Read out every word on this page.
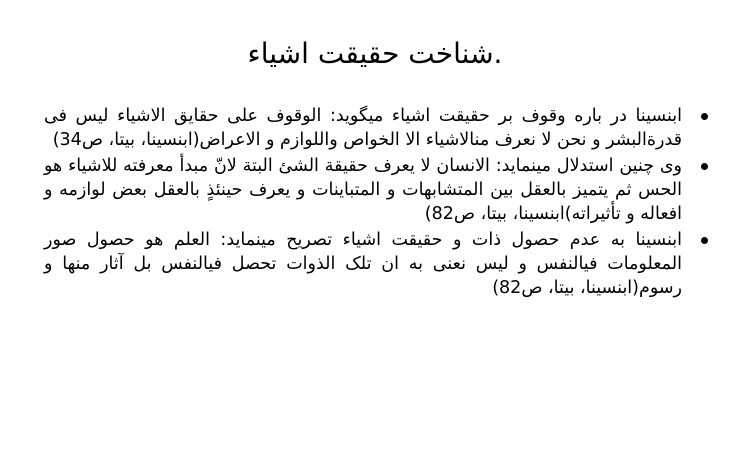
.شناخت حقیقت اشیاء
ابنسینا در باره وقوف بر حقیقت اشیاء میگوید: الوقوف علی حقایق الاشیاء لیس فی قدرةالبشر و نحن لا نعرف منالاشیاء الا الخواص واللوازم و الاعراض(ابنسینا، بیتا، ص34)
وی چنین استدلال مینماید: الانسان لا یعرف حقیقة الشئ البتة لانّ مبدأ معرفته للاشیاء هو الحس ثم یتمیز بالعقل بین المتشابهات و المتباینات و یعرف حینئذٍ بالعقل بعض لوازمه و افعاله و تأثیراته)ابنسینا، بیتا، ص82)
ابنسینا به عدم حصول ذات و حقیقت اشیاء تصریح مینماید: العلم هو حصول صور المعلومات فیالنفس و لیس نعنی به ان تلک الذوات تحصل فیالنفس بل آثار منها و رسوم(ابنسینا، بیتا، ص82)
